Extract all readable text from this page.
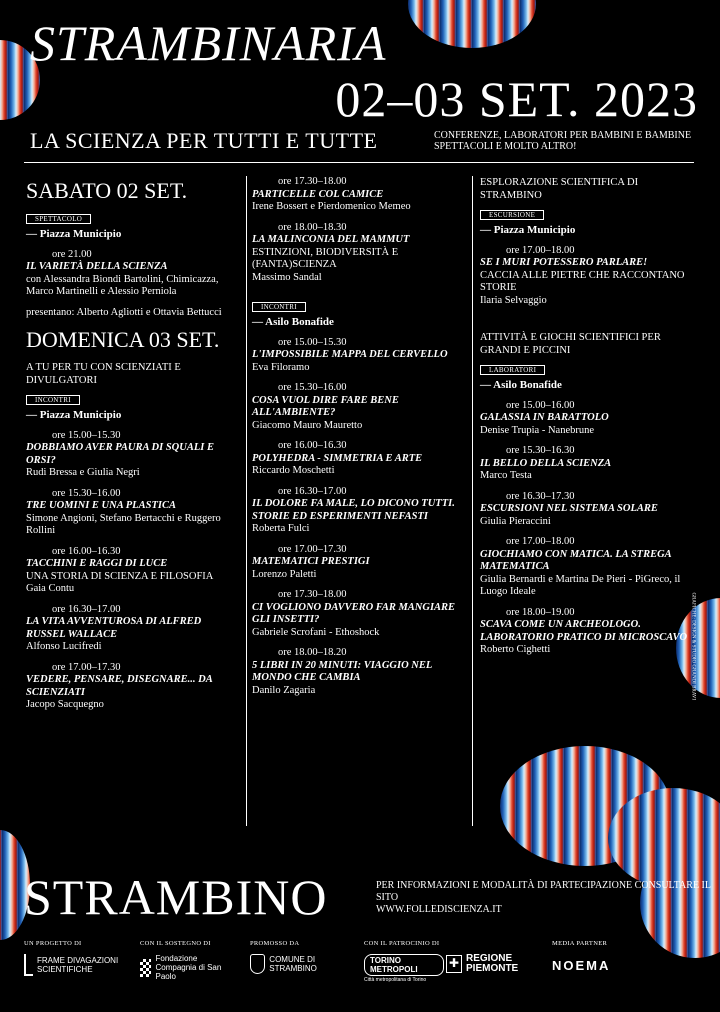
STRAMBINARIA
02–03 SET. 2023
LA SCIENZA PER TUTTI E TUTTE	CONFERENZE, LABORATORI PER BAMBINI E BAMBINE SPETTACOLI E MOLTO ALTRO!
SABATO 02 SET.
SPETTACOLO
— Piazza Municipio
ore 21.00
IL VARIETÀ DELLA SCIENZA
con Alessandra Biondi Bartolini, Chimicazza, Marco Martinelli e Alessio Perniola
presentano: Alberto Agliotti e Ottavia Bettucci
DOMENICA 03 SET.
A TU PER TU CON SCIENZIATI E DIVULGATORI
INCONTRI
— Piazza Municipio
ore 15.00–15.30
DOBBIAMO AVER PAURA DI SQUALI E ORSI?
Rudi Bressa e Giulia Negri
ore 15.30–16.00
TRE UOMINI E UNA PLASTICA
Simone Angioni, Stefano Bertacchi e Ruggero Rollini
ore 16.00–16.30
TACCHINI E RAGGI DI LUCE
UNA STORIA DI SCIENZA E FILOSOFIA
Gaia Contu
ore 16.30–17.00
LA VITA AVVENTUROSA DI ALFRED RUSSEL WALLACE
Alfonso Lucifredi
ore 17.00–17.30
VEDERE, PENSARE, DISEGNARE... DA SCIENZIATI
Jacopo Sacquegno
ore 17.30–18.00
PARTICELLE COL CAMICE
Irene Bossert e Pierdomenico Memeo
ore 18.00–18.30
LA MALINCONIA DEL MAMMUT
ESTINZIONI, BIODIVERSITÀ E (FANTA)SCIENZA
Massimo Sandal
INCONTRI
— Asilo Bonafide
ore 15.00–15.30
L'IMPOSSIBILE MAPPA DEL CERVELLO
Eva Filoramo
ore 15.30–16.00
COSA VUOL DIRE FARE BENE ALL'AMBIENTE?
Giacomo Mauro Mauretto
ore 16.00–16.30
POLYHEDRA - SIMMETRIA E ARTE
Riccardo Moschetti
ore 16.30–17.00
IL DOLORE FA MALE, LO DICONO TUTTI. STORIE ED ESPERIMENTI NEFASTI
Roberta Fulci
ore 17.00–17.30
MATEMATICI PRESTIGI
Lorenzo Paletti
ore 17.30–18.00
CI VOGLIONO DAVVERO FAR MANGIARE GLI INSETTI?
Gabriele Scrofani - Ethoshock
ore 18.00–18.20
5 LIBRI IN 20 MINUTI: VIAGGIO NEL MONDO CHE CAMBIA
Danilo Zagaria
ESPLORAZIONE SCIENTIFICA DI STRAMBINO
ESCURSIONE
— Piazza Municipio
ore 17.00–18.00
SE I MURI POTESSERO PARLARE!
CACCIA ALLE PIETRE CHE RACCONTANO STORIE
Ilaria Selvaggio
ATTIVITÀ E GIOCHI SCIENTIFICI PER GRANDI E PICCINI
LABORATORI
— Asilo Bonafide
ore 15.00–16.00
GALASSIA IN BARATTOLO
Denise Trupia - Nanebrune
ore 15.30–16.30
IL BELLO DELLA SCIENZA
Marco Testa
ore 16.30–17.30
ESCURSIONI NEL SISTEMA SOLARE
Giulia Pieraccini
ore 17.00–18.00
GIOCHIAMO CON MATICA. LA STREGA MATEMATICA
Giulia Bernardi e Martina De Pieri - PiGreco, il Luogo Ideale
ore 18.00–19.00
SCAVA COME UN ARCHEOLOGO. LABORATORIO PRATICO DI MICROSCAVO
Roberto Cighetti	GRAFICHE: DESIGN & STUDIO GRANDI BRAVI
STRAMBINO	PER INFORMAZIONI E MODALITÀ DI PARTECIPAZIONE CONSULTARE IL SITO
WWW.FOLLEDISCIENZA.IT
UN PROGETTO DI	CON IL SOSTEGNO DI	PROMOSSO DA	CON IL PATROCINIO DI	MEDIA PARTNER
FRAME DIVAGAZIONI SCIENTIFICHE
Fondazione Compagnia di San Paolo
COMUNE DI STRAMBINO
TORINO METROPOLI
Città metropolitana di Torino
✚ REGIONE PIEMONTE	NOEMA
